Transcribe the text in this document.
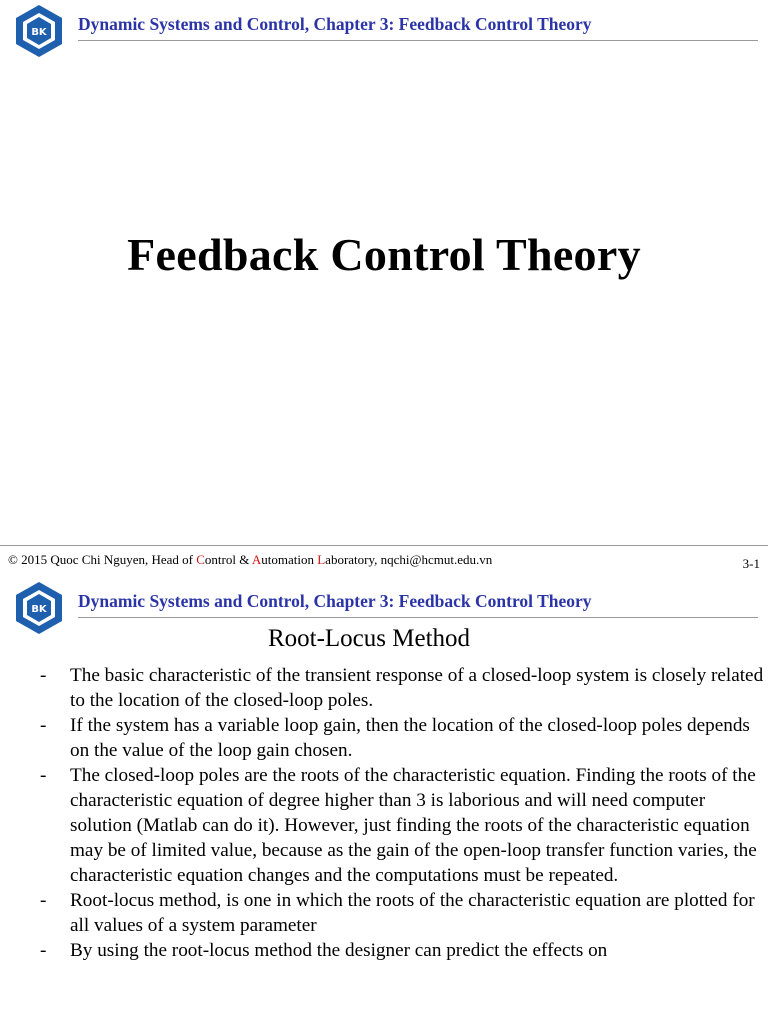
BK Dynamic Systems and Control, Chapter 3: Feedback Control Theory
Feedback Control Theory
© 2015 Quoc Chi Nguyen, Head of Control & Automation Laboratory, nqchi@hcmut.edu.vn	3-1
BK Dynamic Systems and Control, Chapter 3: Feedback Control Theory
Root-Locus Method
- The basic characteristic of the transient response of a closed-loop system is closely related to the location of the closed-loop poles.
- If the system has a variable loop gain, then the location of the closed-loop poles depends on the value of the loop gain chosen.
- The closed-loop poles are the roots of the characteristic equation. Finding the roots of the characteristic equation of degree higher than 3 is laborious and will need computer solution (Matlab can do it). However, just finding the roots of the characteristic equation may be of limited value, because as the gain of the open-loop transfer function varies, the characteristic equation changes and the computations must be repeated.
- Root-locus method, is one in which the roots of the characteristic equation are plotted for all values of a system parameter
- By using the root-locus method the designer can predict the effects on
